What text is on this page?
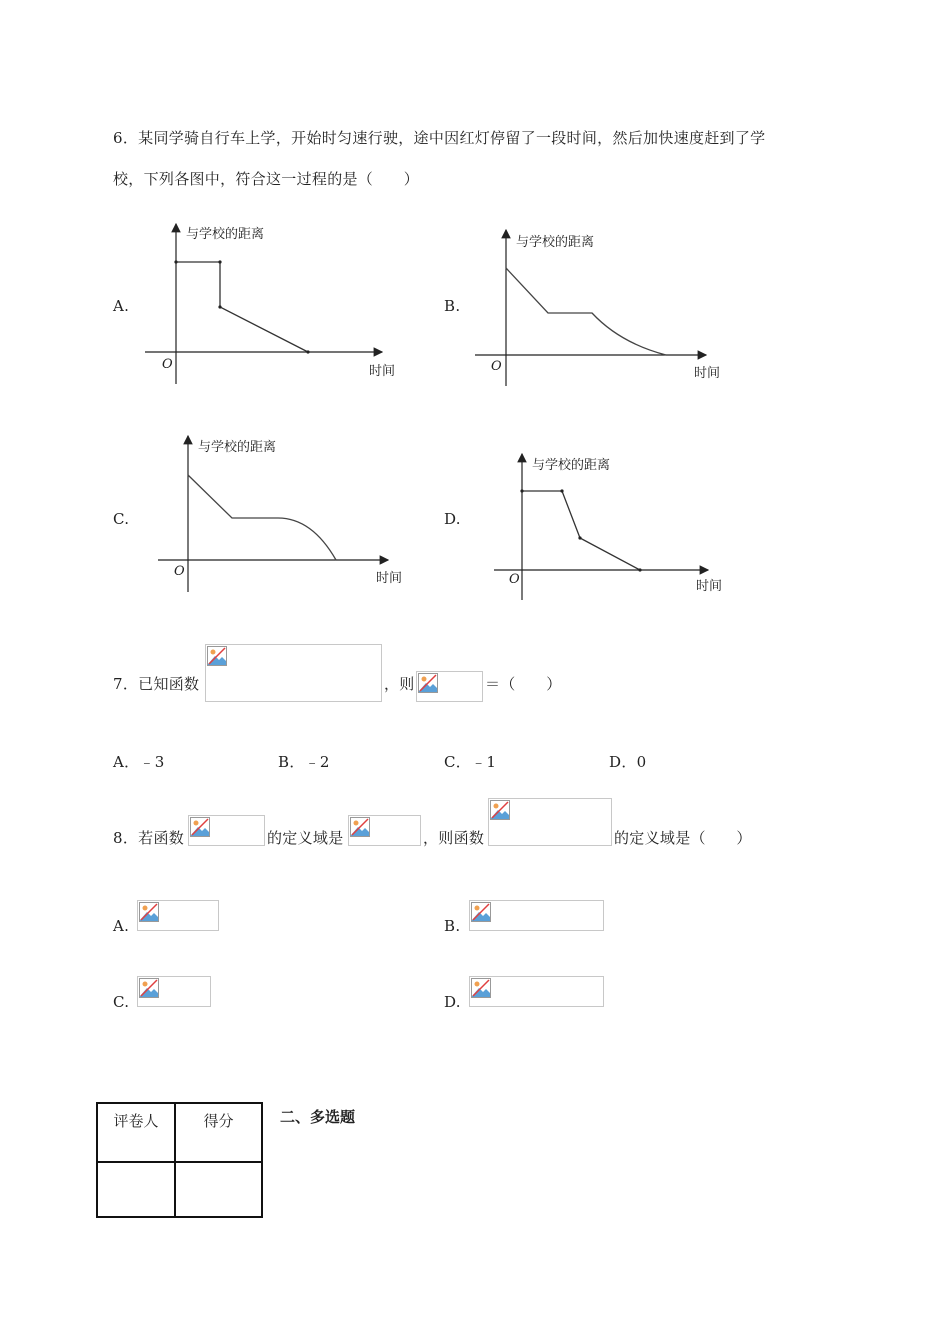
6．某同学骑自行车上学，开始时匀速行驶，途中因红灯停留了一段时间，然后加快速度赶到了学
校，下列各图中，符合这一过程的是（　　）
A.
与学校的距离
时间
O
B.
与学校的距离
时间
O
C.
与学校的距离
时间
O
D.
与学校的距离
时间
O
7．已知函数	，则	＝（　　）
A．﹣3	B．﹣2	C．﹣1	D．0
8．若函数	的定义域是	，则函数	的定义域是（　　）
A.	B.
C.	D.
评卷人	得分
		二、多选题
